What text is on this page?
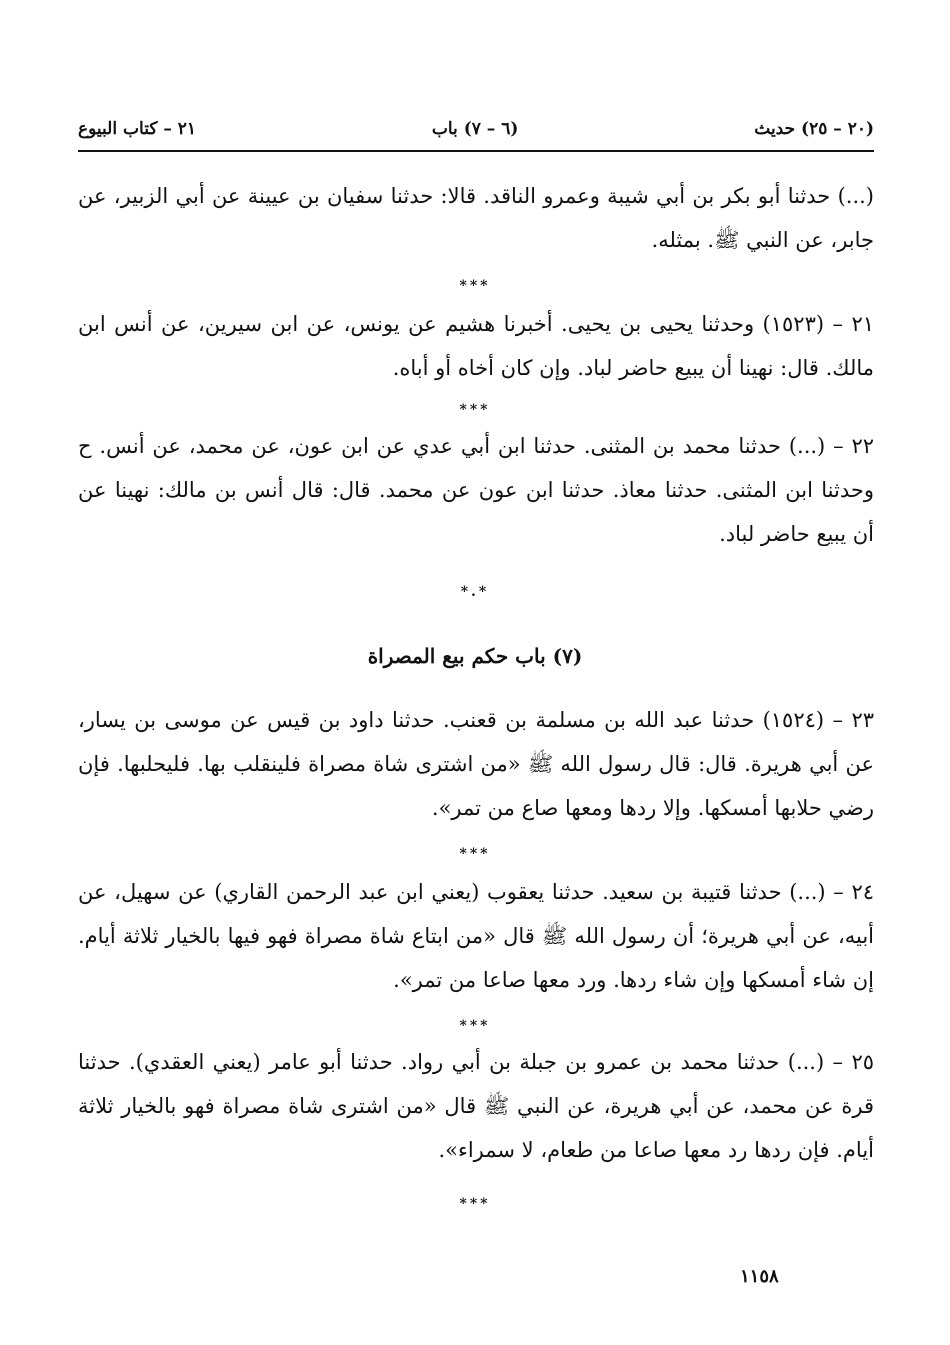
٢١ – كتاب البيوع	(٦ – ٧) باب	(٢٠ – ٢٥) حديث
(...) حدثنا أبو بكر بن أبي شيبة وعمرو الناقد. قالا: حدثنا سفيان بن عيينة عن أبي الزبير، عن جابر، عن النبي ﷺ. بمثله.
***
٢١ – (١٥٢٣) وحدثنا يحيى بن يحيى. أخبرنا هشيم عن يونس، عن ابن سيرين، عن أنس ابن مالك. قال: نهينا أن يبيع حاضر لباد. وإن كان أخاه أو أباه.
***
٢٢ – (...) حدثنا محمد بن المثنى. حدثنا ابن أبي عدي عن ابن عون، عن محمد، عن أنس. ح وحدثنا ابن المثنى. حدثنا معاذ. حدثنا ابن عون عن محمد. قال: قال أنس بن مالك: نهينا عن أن يبيع حاضر لباد.
*.*
(٧) باب حكم بيع المصراة
٢٣ – (١٥٢٤) حدثنا عبد الله بن مسلمة بن قعنب. حدثنا داود بن قيس عن موسى بن يسار، عن أبي هريرة. قال: قال رسول الله ﷺ «من اشترى شاة مصراة فلينقلب بها. فليحلبها. فإن رضي حلابها أمسكها. وإلا ردها ومعها صاع من تمر».
***
٢٤ – (...) حدثنا قتيبة بن سعيد. حدثنا يعقوب (يعني ابن عبد الرحمن القاري) عن سهيل، عن أبيه، عن أبي هريرة؛ أن رسول الله ﷺ قال «من ابتاع شاة مصراة فهو فيها بالخيار ثلاثة أيام. إن شاء أمسكها وإن شاء ردها. ورد معها صاعا من تمر».
***
٢٥ – (...) حدثنا محمد بن عمرو بن جبلة بن أبي رواد. حدثنا أبو عامر (يعني العقدي). حدثنا قرة عن محمد، عن أبي هريرة، عن النبي ﷺ قال «من اشترى شاة مصراة فهو بالخيار ثلاثة أيام. فإن ردها رد معها صاعا من طعام، لا سمراء».
***
١١٥٨
